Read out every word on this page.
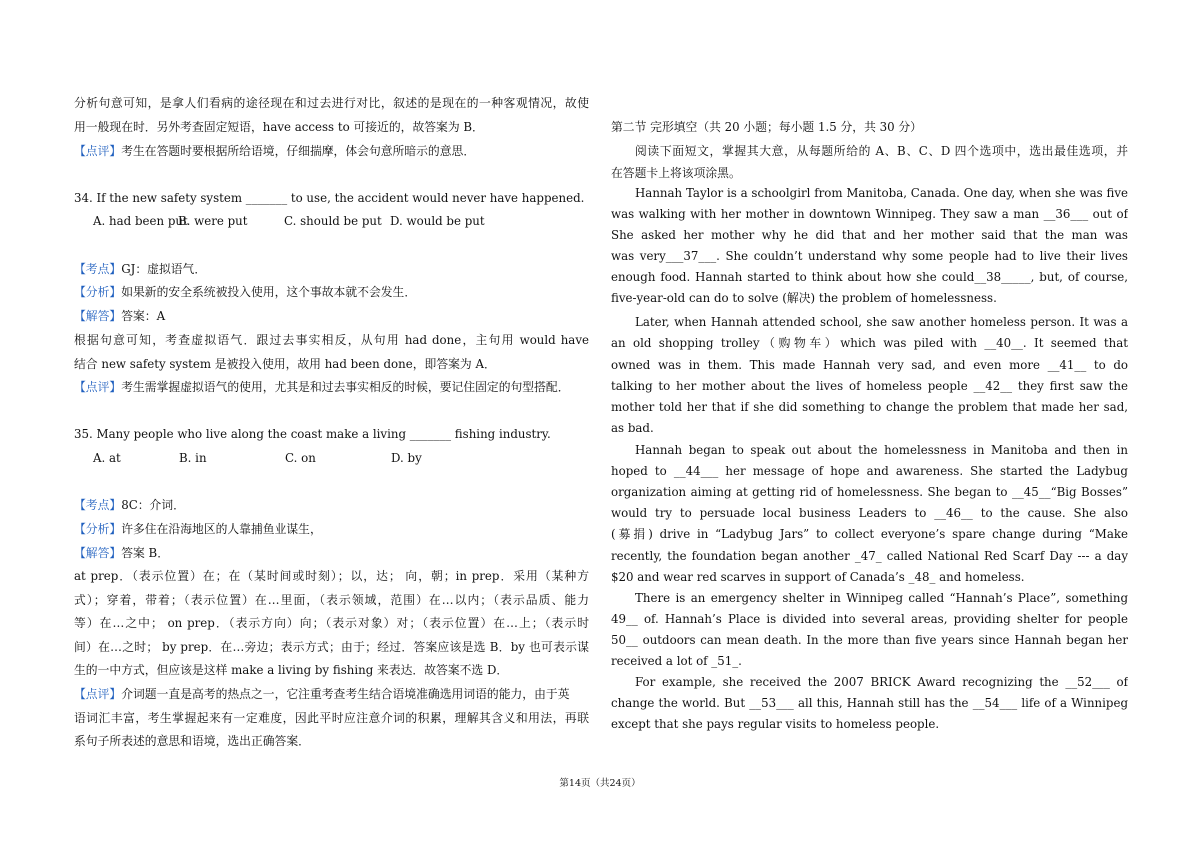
分析句意可知，是拿人们看病的途径现在和过去进行对比，叙述的是现在的一种客观情况，故使
用一般现在时．另外考查固定短语，have access to 可接近的，故答案为 B．
【点评】考生在答题时要根据所给语境，仔细揣摩，体会句意所暗示的意思．
34. If the new safety system _______ to use, the accident would never have happened.
A. had been putB. were put	C. should be put D. would be put
【考点】GJ：虚拟语气．
【分析】如果新的安全系统被投入使用，这个事故本就不会发生．
【解答】答案：A
根据句意可知，考查虚拟语气．跟过去事实相反，从句用 had done，主句用 would have
结合 new safety system 是被投入使用，故用 had been done，即答案为 A．
【点评】考生需掌握虚拟语气的使用，尤其是和过去事实相反的时候，要记住固定的句型搭配．
35. Many people who live along the coast make a living _______ fishing industry.
A. at	B. in	C. on	D. by
【考点】8C：介词．
【分析】许多住在沿海地区的人靠捕鱼业谋生，
【解答】答案 B．
at prep．（表示位置）在；在（某时间或时刻）；以，达； 向，朝；in prep．采用（某种方
式）；穿着，带着；（表示位置）在…里面，（表示领域，范围）在…以内；（表示品质、能力
等）在…之中； on prep．（表示方向）向；（表示对象）对；（表示位置）在…上；（表示时
间）在…之时； by prep．在…旁边；表示方式；由于；经过．答案应该是选 B．by 也可表示谋
生的一中方式，但应该是这样 make a living by fishing 来表达．故答案不选 D．
【点评】介词题一直是高考的热点之一，它注重考查考生结合语境准确选用词语的能力，由于英
语词汇丰富，考生掌握起来有一定难度，因此平时应注意介词的积累，理解其含义和用法，再联
系句子所表述的意思和语境，选出正确答案．
第二节 完形填空（共 20 小题；每小题 1.5 分，共 30 分）
阅读下面短文，掌握其大意，从每题所给的 A、B、C、D 四个选项中，选出最佳选项，并
在答题卡上将该项涂黑。
Hannah Taylor is a schoolgirl from Manitoba, Canada. One day, when she was five
was walking with her mother in downtown Winnipeg. They saw a man __36___ out of
She asked her mother why he did that and her mother said that the man was
was very___37___. She couldn’t understand why some people had to live their lives
enough food. Hannah started to think about how she could__38_____, but, of course,
five-year-old can do to solve (解决) the problem of homelessness.
Later, when Hannah attended school, she saw another homeless person. It was a
an old shopping trolley（购物车）which was piled with __40__. It seemed that
owned was in them. This made Hannah very sad, and even more __41__ to do
talking to her mother about the lives of homeless people __42__ they first saw the
mother told her that if she did something to change the problem that made her sad,
as bad.
Hannah began to speak out about the homelessness in Manitoba and then in
hoped to __44___ her message of hope and awareness. She started the Ladybug
organization aiming at getting rid of homelessness. She began to __45__“Big Bosses”
would try to persuade local business Leaders to __46__ to the cause. She also
(募捐) drive in “Ladybug Jars” to collect everyone’s spare change during “Make
recently, the foundation began another _47_ called National Red Scarf Day --- a day
$20 and wear red scarves in support of Canada’s _48_ and homeless.
There is an emergency shelter in Winnipeg called “Hannah’s Place”, something
49__ of. Hannah’s Place is divided into several areas, providing shelter for people
50__ outdoors can mean death. In the more than five years since Hannah began her
received a lot of _51_.
For example, she received the 2007 BRICK Award recognizing the __52___ of
change the world. But __53___ all this, Hannah still has the __54___ life of a Winnipeg
except that she pays regular visits to homeless people.
第14页（共24页）
